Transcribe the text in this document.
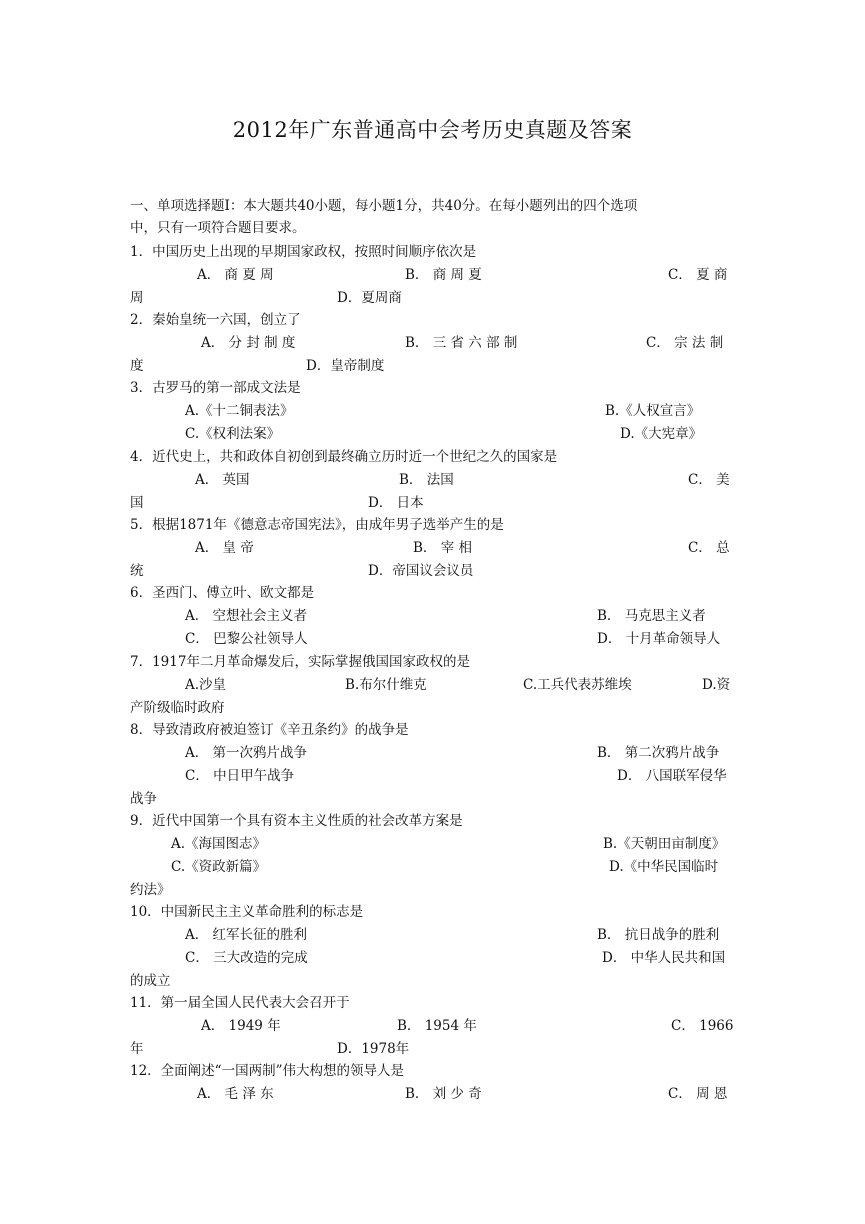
2012年广东普通高中会考历史真题及答案
一、单项选择题Ⅰ：本大题共40小题，每小题1分，共40分。在每小题列出的四个选项
中，只有一项符合题目要求。
1．中国历史上出现的早期国家政权，按照时间顺序依次是
A． 商 夏 周	B． 商 周 夏	C． 夏 商
周	D．夏周商
2．秦始皇统一六国，创立了
A． 分 封 制 度	B． 三 省 六 部 制	C． 宗 法 制
度	D．皇帝制度
3．古罗马的第一部成文法是
A.《十二铜表法》	B.《人权宣言》
C.《权利法案》	D.《大宪章》
4．近代史上，共和政体自初创到最终确立历时近一个世纪之久的国家是
A． 英国	B． 法国	C． 美
国	D． 日本
5．根据1871年《德意志帝国宪法》，由成年男子选举产生的是
A． 皇 帝	B． 宰 相	C． 总
统	D．帝国议会议员
6．圣西门、傅立叶、欧文都是
A． 空想社会主义者	B． 马克思主义者
C． 巴黎公社领导人	D． 十月革命领导人
7．1917年二月革命爆发后，实际掌握俄国国家政权的是
A.沙皇	B.布尔什维克	C.工兵代表苏维埃	D.资
产阶级临时政府
8．导致清政府被迫签订《辛丑条约》的战争是
A． 第一次鸦片战争	B． 第二次鸦片战争
C． 中日甲午战争	D． 八国联军侵华
战争
9．近代中国第一个具有资本主义性质的社会改革方案是
A.《海国图志》	B.《天朝田亩制度》
C.《资政新篇》	D.《中华民国临时
约法》
10．中国新民主主义革命胜利的标志是
A． 红军长征的胜利	B． 抗日战争的胜利
C． 三大改造的完成	D． 中华人民共和国
的成立
11．第一届全国人民代表大会召开于
A． 1949 年	B． 1954 年	C． 1966
年	D．1978年
12．全面阐述“一国两制”伟大构想的领导人是
A． 毛 泽 东	B． 刘 少 奇	C． 周 恩
